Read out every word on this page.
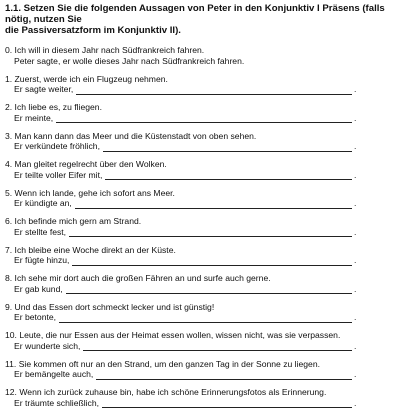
1.1. Setzen Sie die folgenden Aussagen von Peter in den Konjunktiv I Präsens (falls nötig, nutzen Sie
die Passiversatzform im Konjunktiv II).
0. Ich will in diesem Jahr nach Südfrankreich fahren.
Peter sagte, er wolle dieses Jahr nach Südfrankreich fahren.
1. Zuerst, werde ich ein Flugzeug nehmen.
Er sagte weiter,	.
2. Ich liebe es, zu fliegen.
Er meinte,	.
3. Man kann dann das Meer und die Küstenstadt von oben sehen.
Er verkündete fröhlich,	.
4. Man gleitet regelrecht über den Wolken.
Er teilte voller Eifer mit,	.
5. Wenn ich lande, gehe ich sofort ans Meer.
Er kündigte an,	.
6. Ich befinde mich gern am Strand.
Er stellte fest,	.
7. Ich bleibe eine Woche direkt an der Küste.
Er fügte hinzu,	.
8. Ich sehe mir dort auch die großen Fähren an und surfe auch gerne.
Er gab kund,	.
9. Und das Essen dort schmeckt lecker und ist günstig!
Er betonte,	.
10. Leute, die nur Essen aus der Heimat essen wollen, wissen nicht, was sie verpassen.
Er wunderte sich,	.
11. Sie kommen oft nur an den Strand, um den ganzen Tag in der Sonne zu liegen.
Er bemängelte auch,	.
12. Wenn ich zurück zuhause bin, habe ich schöne Erinnerungsfotos als Erinnerung.
Er träumte schließlich,	.
